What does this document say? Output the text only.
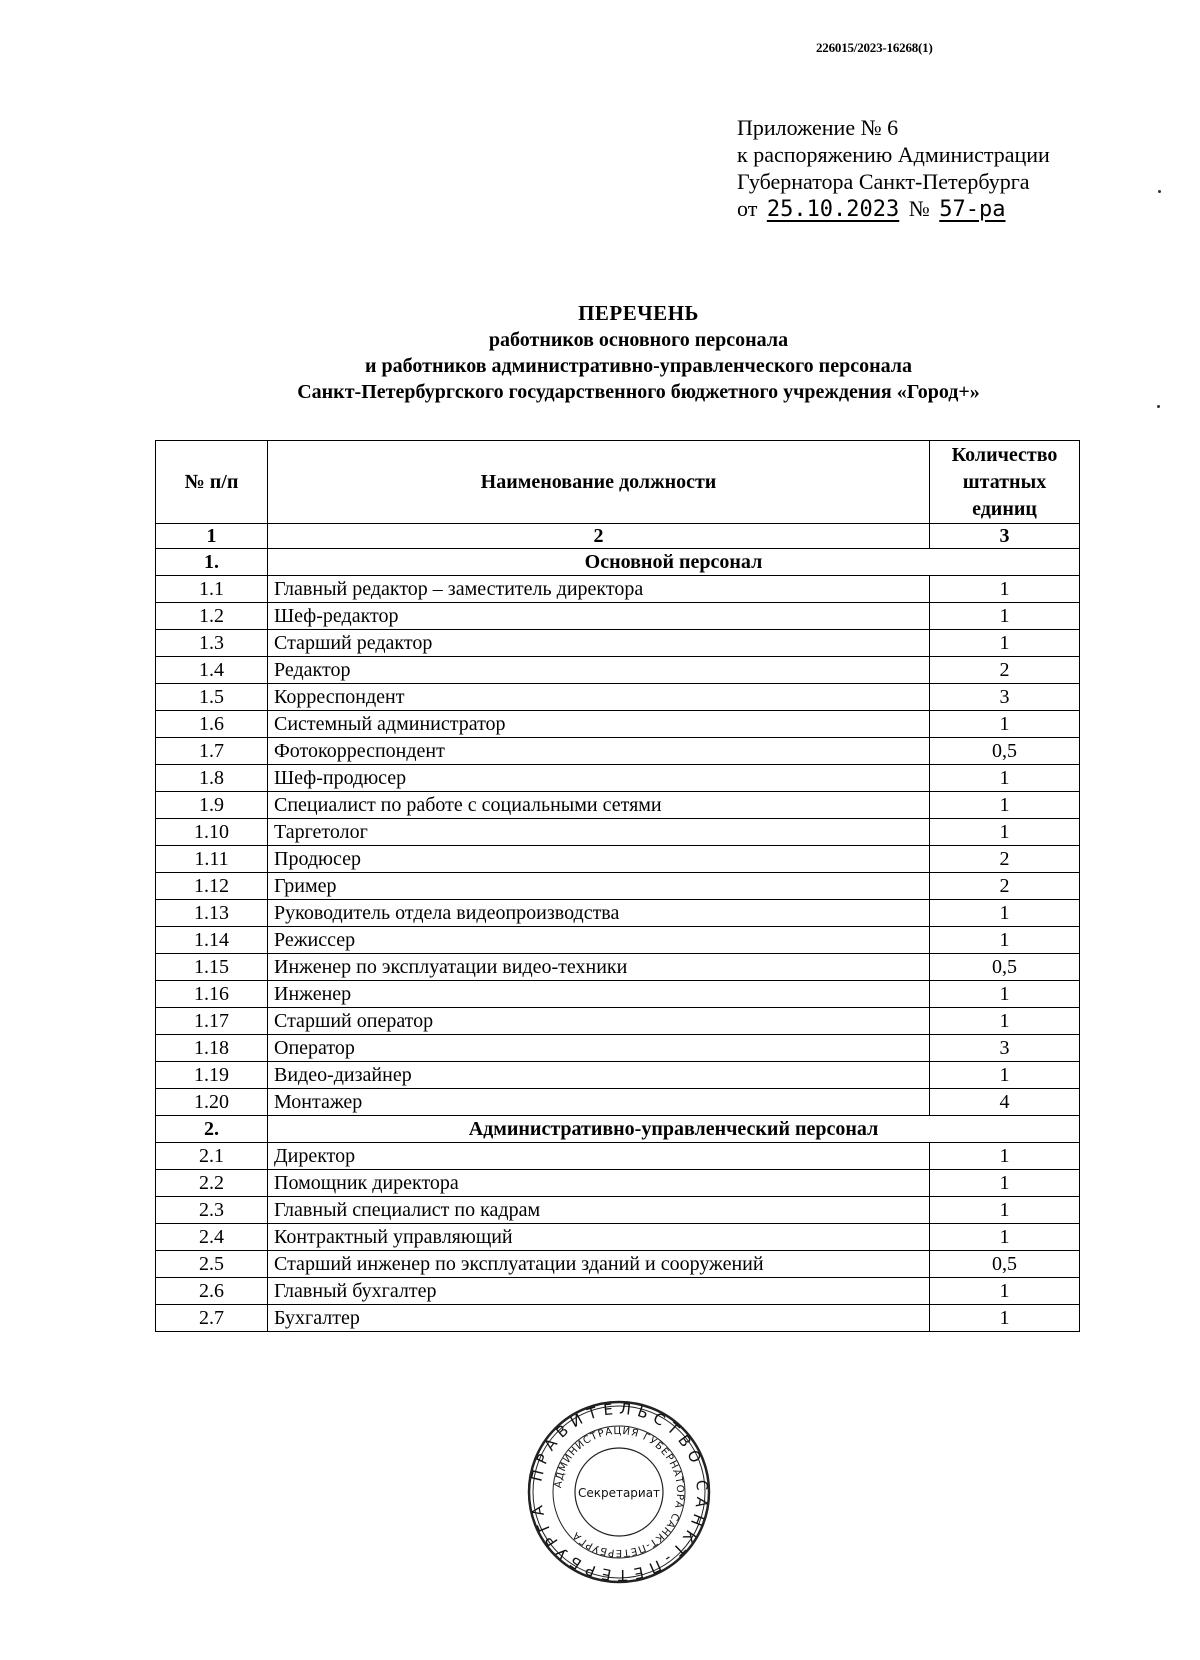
226015/2023-16268(1)
Приложение № 6
к распоряжению Администрации
Губернатора Санкт-Петербурга
от 25.10.2023 № 57-ра
ПЕРЕЧЕНЬ
работников основного персонала
и работников административно-управленческого персонала
Санкт-Петербургского государственного бюджетного учреждения «Город+»
№ п/п	Наименование должности	Количество штатных единиц
1	2	3
1.	Основной персонал	
1.1	Главный редактор – заместитель директора	1
1.2	Шеф-редактор	1
1.3	Старший редактор	1
1.4	Редактор	2
1.5	Корреспондент	3
1.6	Системный администратор	1
1.7	Фотокорреспондент	0,5
1.8	Шеф-продюсер	1
1.9	Специалист по работе с социальными сетями	1
1.10	Таргетолог	1
1.11	Продюсер	2
1.12	Гример	2
1.13	Руководитель отдела видеопроизводства	1
1.14	Режиссер	1
1.15	Инженер по эксплуатации видео-техники	0,5
1.16	Инженер	1
1.17	Старший оператор	1
1.18	Оператор	3
1.19	Видео-дизайнер	1
1.20	Монтажер	4
2.	Административно-управленческий персонал	
2.1	Директор	1
2.2	Помощник директора	1
2.3	Главный специалист по кадрам	1
2.4	Контрактный управляющий	1
2.5	Старший инженер по эксплуатации зданий и сооружений	0,5
2.6	Главный бухгалтер	1
2.7	Бухгалтер	1
ПРАВИТЕЛЬСТВО САНКТ-ПЕТЕРБУРГА
АДМИНИСТРАЦИЯ ГУБЕРНАТОРА САНКТ-ПЕТЕРБУРГА
Секретариат
